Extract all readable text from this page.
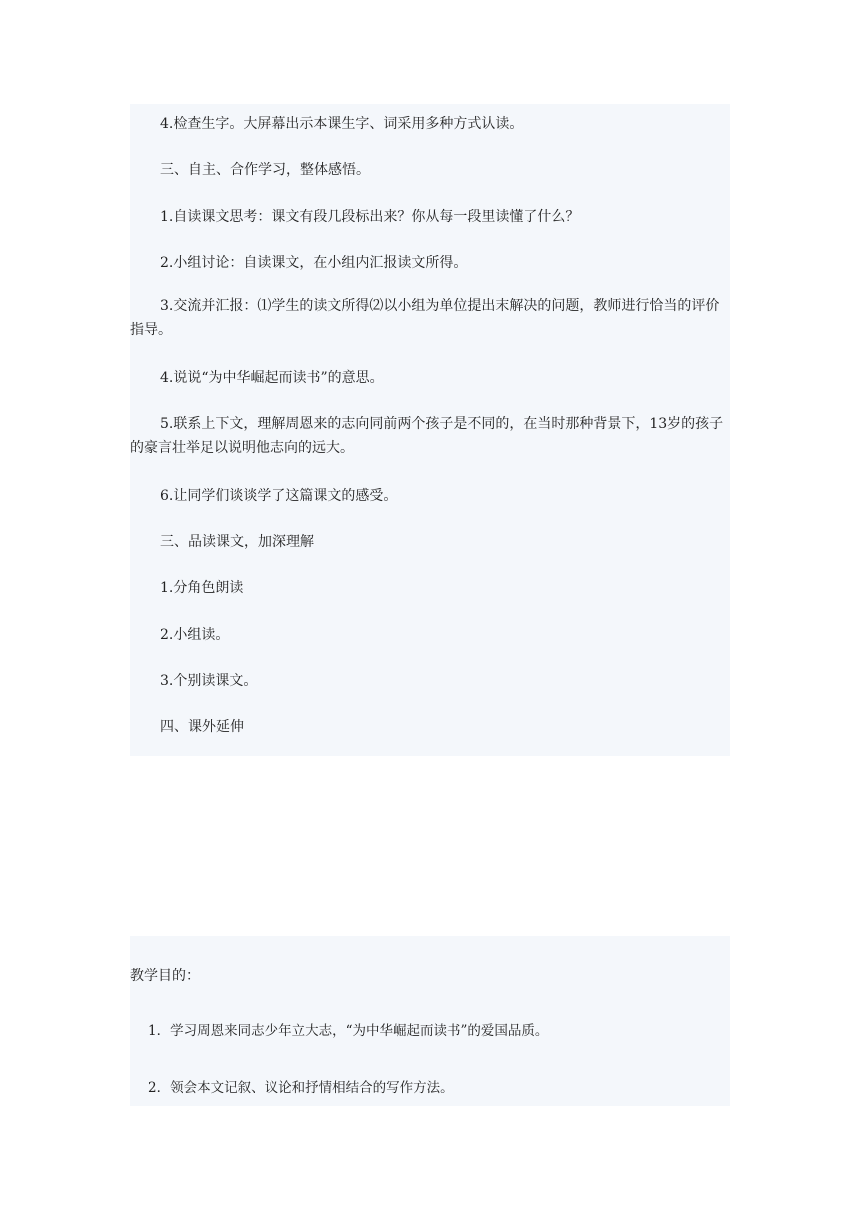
4.检查生字。大屏幕出示本课生字、词采用多种方式认读。

三、自主、合作学习，整体感悟。

1.自读课文思考：课文有段几段标出来？你从每一段里读懂了什么？

2.小组讨论：自读课文，在小组内汇报读文所得。

3.交流并汇报：⑴学生的读文所得⑵以小组为单位提出末解决的问题，教师进行恰当的评价指导。

4.说说“为中华崛起而读书”的意思。

5.联系上下文，理解周恩来的志向同前两个孩子是不同的，在当时那种背景下，13岁的孩子的豪言壮举足以说明他志向的远大。

6.让同学们谈谈学了这篇课文的感受。

三、品读课文，加深理解

1.分角色朗读

2.小组读。

3.个别读课文。

四、课外延伸

教学目的：

1．学习周恩来同志少年立大志，“为中华崛起而读书”的爱国品质。

2．领会本文记叙、议论和抒情相结合的写作方法。
